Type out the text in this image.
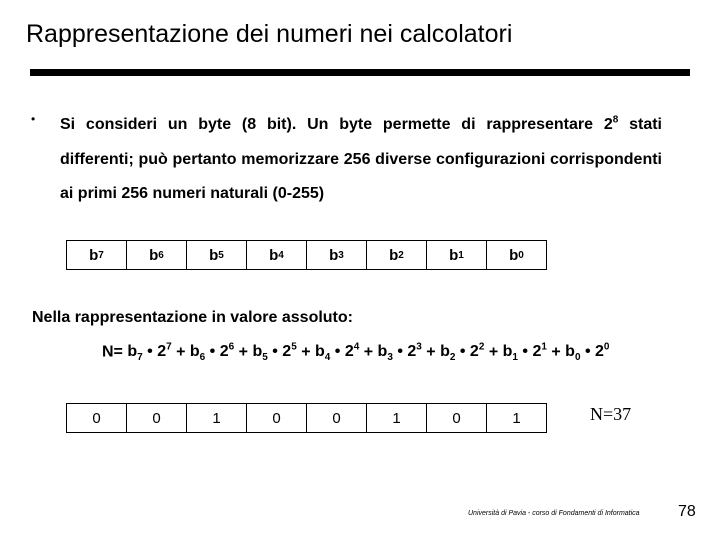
Rappresentazione dei numeri nei calcolatori
• Si consideri un byte (8 bit). Un byte permette di rappresentare $2^8$ stati differenti; può pertanto memorizzare 256 diverse configurazioni corrispondenti ai primi 256 numeri naturali (0-255)
b 7	b 6	b 5	b 4	b 3	b 2	b 1	b 0
Nella rappresentazione in valore assoluto:
$N= b_7$ • $2^7 + b_6$ • $2^6 + b_5$ • $2^5 + b_4$ • $2^4 + b_3$ • $2^3 + b_2$ • $2^2 + b_1$ • $2^1 + b_0$ • $2^0$
0	0	1	0	0	1	0	1	N=37
Università di Pavia - corso di Fondamenti di Informatica 78
